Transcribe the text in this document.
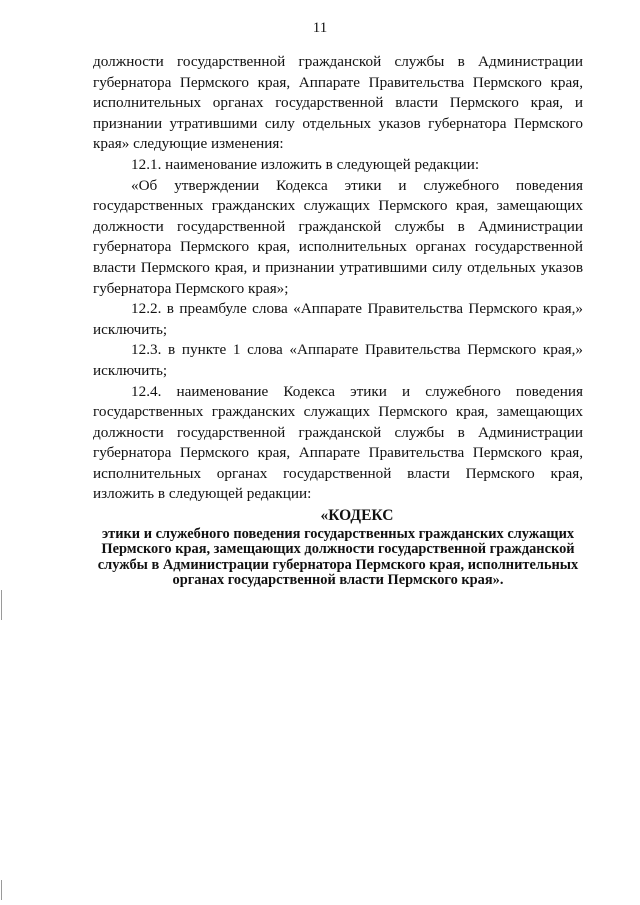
11

должности государственной гражданской службы в Администрации губернатора Пермского края, Аппарате Правительства Пермского края, исполнительных органах государственной власти Пермского края, и признании утратившими силу отдельных указов губернатора Пермского края» следующие изменения:

12.1. наименование изложить в следующей редакции:

«Об утверждении Кодекса этики и служебного поведения государственных гражданских служащих Пермского края, замещающих должности государственной гражданской службы в Администрации губернатора Пермского края, исполнительных органах государственной власти Пермского края, и признании утратившими силу отдельных указов губернатора Пермского края»;

12.2. в преамбуле слова «Аппарате Правительства Пермского края,» исключить;

12.3. в пункте 1 слова «Аппарате Правительства Пермского края,» исключить;

12.4. наименование Кодекса этики и служебного поведения государственных гражданских служащих Пермского края, замещающих должности государственной гражданской службы в Администрации губернатора Пермского края, Аппарате Правительства Пермского края, исполнительных органах государственной власти Пермского края, изложить в следующей редакции:

«КОДЕКС
этики и служебного поведения государственных гражданских служащих Пермского края, замещающих должности государственной гражданской службы в Администрации губернатора Пермского края, исполнительных органах государственной власти Пермского края».
